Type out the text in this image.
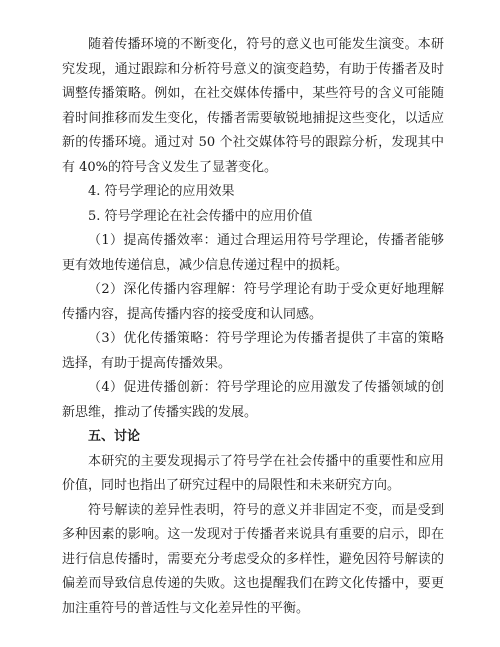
随着传播环境的不断变化，符号的意义也可能发生演变。本研究发现，通过跟踪和分析符号意义的演变趋势，有助于传播者及时调整传播策略。例如，在社交媒体传播中，某些符号的含义可能随着时间推移而发生变化，传播者需要敏锐地捕捉这些变化，以适应新的传播环境。通过对 50 个社交媒体符号的跟踪分析，发现其中有 40%的符号含义发生了显著变化。

4. 符号学理论的应用效果

5. 符号学理论在社会传播中的应用价值

（1）提高传播效率：通过合理运用符号学理论，传播者能够更有效地传递信息，减少信息传递过程中的损耗。

（2）深化传播内容理解：符号学理论有助于受众更好地理解传播内容，提高传播内容的接受度和认同感。

（3）优化传播策略：符号学理论为传播者提供了丰富的策略选择，有助于提高传播效果。

（4）促进传播创新：符号学理论的应用激发了传播领域的创新思维，推动了传播实践的发展。

五、讨论

本研究的主要发现揭示了符号学在社会传播中的重要性和应用价值，同时也指出了研究过程中的局限性和未来研究方向。

符号解读的差异性表明，符号的意义并非固定不变，而是受到多种因素的影响。这一发现对于传播者来说具有重要的启示，即在进行信息传播时，需要充分考虑受众的多样性，避免因符号解读的偏差而导致信息传递的失败。这也提醒我们在跨文化传播中，要更加注重符号的普适性与文化差异性的平衡。
